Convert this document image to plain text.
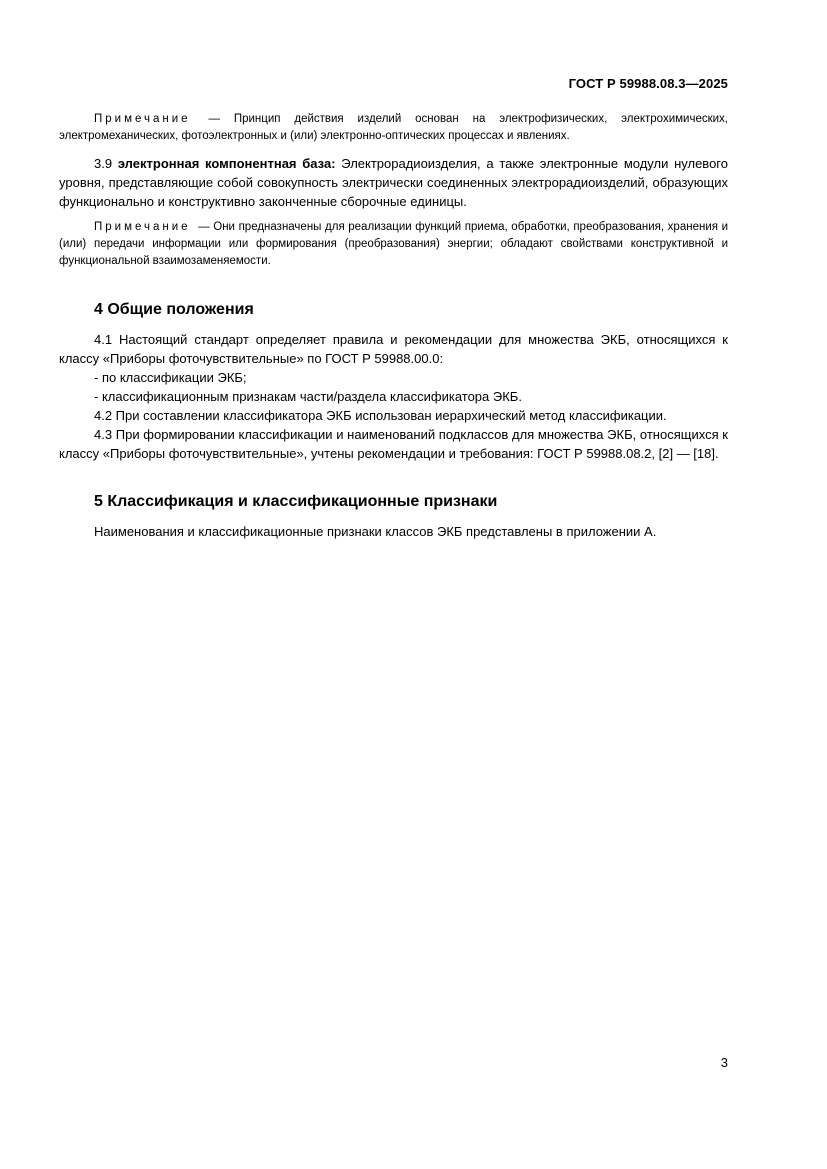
ГОСТ Р 59988.08.3—2025

Примечание — Принцип действия изделий основан на электрофизических, электрохимических, электромеханических, фотоэлектронных и (или) электронно-оптических процессах и явлениях.

3.9 электронная компонентная база: Электрорадиоизделия, а также электронные модули нулевого уровня, представляющие собой совокупность электрически соединенных электрорадиоизделий, образующих функционально и конструктивно законченные сборочные единицы.

Примечание — Они предназначены для реализации функций приема, обработки, преобразования, хранения и (или) передачи информации или формирования (преобразования) энергии; обладают свойствами конструктивной и функциональной взаимозаменяемости.

4 Общие положения

4.1 Настоящий стандарт определяет правила и рекомендации для множества ЭКБ, относящихся к классу «Приборы фоточувствительные» по ГОСТ Р 59988.00.0:

- по классификации ЭКБ;

- классификационным признакам части/раздела классификатора ЭКБ.

4.2 При составлении классификатора ЭКБ использован иерархический метод классификации.

4.3 При формировании классификации и наименований подклассов для множества ЭКБ, относящихся к классу «Приборы фоточувствительные», учтены рекомендации и требования: ГОСТ Р 59988.08.2, [2] — [18].

5 Классификация и классификационные признаки

Наименования и классификационные признаки классов ЭКБ представлены в приложении А.

3
